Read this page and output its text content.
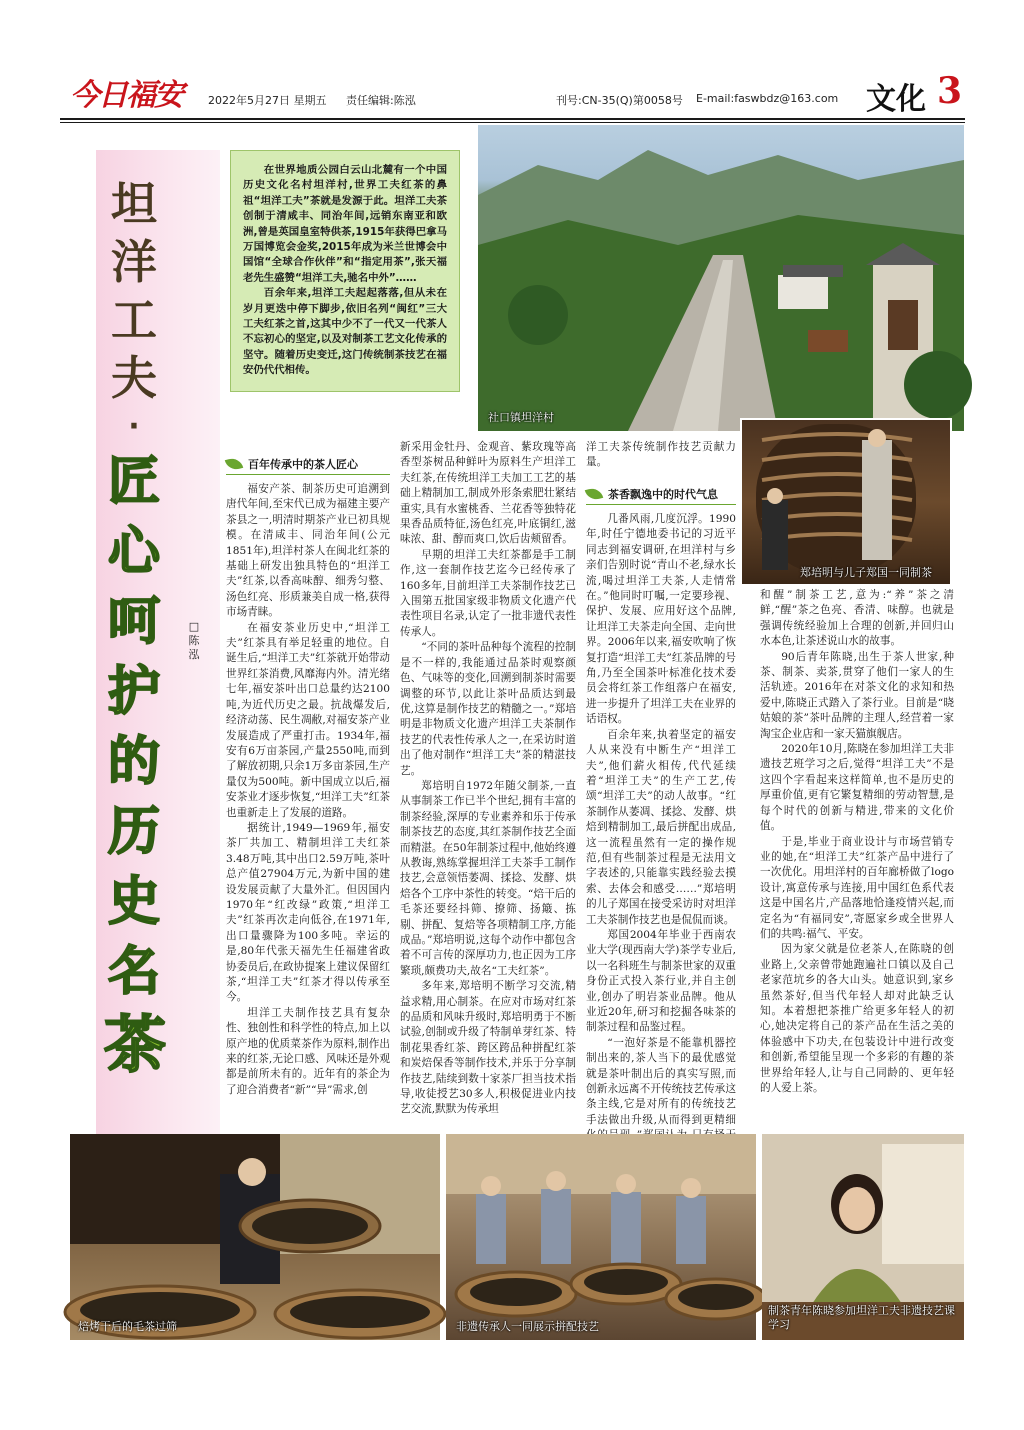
今日福安 2022年5月27日 星期五 责任编辑:陈泓	刊号:CN-35(Q)第0058号 E-mail:faswbdz@163.com 文化 3
坦洋工夫
·
匠心呵护的历史名
茶
□陈泓

在世界地质公园白云山北麓有一个中国历史文化名村坦洋村,世界工夫红茶的鼻祖“坦洋工夫”茶就是发源于此。坦洋工夫茶创制于清咸丰、同治年间,远销东南亚和欧洲,曾是英国皇室特供茶,1915年获得巴拿马万国博览会金奖,2015年成为米兰世博会中国馆“全球合作伙伴”和“指定用茶”,张天福老先生盛赞“坦洋工夫,驰名中外”……

百余年来,坦洋工夫起起落落,但从未在岁月更迭中停下脚步,依旧名列“闽红”三大工夫红茶之首,这其中少不了一代又一代茶人不忘初心的坚定,以及对制茶工艺文化传承的坚守。随着历史变迁,这门传统制茶技艺在福安仍代代相传。

社口镇坦洋村
郑培明与儿子郑国一同制茶
百年传承中的茶人匠心

福安产茶、制茶历史可追溯到唐代年间,至宋代已成为福建主要产茶县之一,明清时期茶产业已初具规模。在清咸丰、同治年间(公元1851年),坦洋村茶人在闽北红茶的基础上研发出独具特色的“坦洋工夫”红茶,以香高味醇、细秀匀整、汤色红亮、形质兼美自成一格,获得市场青睐。

在福安茶业历史中,“坦洋工夫”红茶具有举足轻重的地位。自诞生后,“坦洋工夫”红茶就开始带动世界红茶消费,风靡海内外。清光绪七年,福安茶叶出口总量约达2100吨,为近代历史之最。抗战爆发后,经济动荡、民生凋敝,对福安茶产业发展造成了严重打击。1934年,福安有6万亩茶园,产量2550吨,而到了解放初期,只余1万多亩茶园,生产量仅为500吨。新中国成立以后,福安茶业才逐步恢复,“坦洋工夫”红茶也重新走上了发展的道路。

据统计,1949—1969年,福安茶厂共加工、精制坦洋工夫红茶3.48万吨,其中出口2.59万吨,茶叶总产值27904万元,为新中国的建设发展贡献了大量外汇。但因国内1970年“红改绿”政策,“坦洋工夫”红茶再次走向低谷,在1971年,出口量骤降为100多吨。幸运的是,80年代张天福先生任福建省政协委员后,在政协提案上建议保留红茶,“坦洋工夫”红茶才得以传承至今。

坦洋工夫制作技艺具有复杂性、独创性和科学性的特点,加上以原产地的优质菜茶作为原料,制作出来的红茶,无论口感、风味还是外观都是前所未有的。近年有的茶企为了迎合消费者“新”“异”需求,创

新采用金牡丹、金观音、紫玫瑰等高香型茶树品种鲜叶为原料生产坦洋工夫红茶,在传统坦洋工夫加工工艺的基础上精制加工,制成外形条索肥壮紧结重实,具有水蜜桃香、兰花香等独特花果香品质特征,汤色红亮,叶底铜红,滋味浓、甜、醇而爽口,饮后齿颊留香。

早期的坦洋工夫红茶都是手工制作,这一套制作技艺迄今已经传承了160多年,目前坦洋工夫茶制作技艺已入围第五批国家级非物质文化遗产代表性项目名录,认定了一批非遗代表性传承人。

“不同的茶叶品种每个流程的控制是不一样的,我能通过品茶时观察颜色、气味等的变化,回溯到制茶时需要调整的环节,以此让茶叶品质达到最优,这算是制作技艺的精髓之一。”郑培明是非物质文化遗产坦洋工夫茶制作技艺的代表性传承人之一,在采访时道出了他对制作“坦洋工夫”茶的精湛技艺。

郑培明自1972年随父制茶,一直从事制茶工作已半个世纪,拥有丰富的制茶经验,深厚的专业素养和乐于传承制茶技艺的态度,其红茶制作技艺全面而精湛。在50年制茶过程中,他始终遵从教诲,熟练掌握坦洋工夫茶手工制作技艺,会意领悟萎凋、揉捻、发酵、烘焙各个工序中茶性的转变。“焙干后的毛茶还要经抖筛、撩筛、扬簸、拣剔、拼配、复焙等各项精制工序,方能成品。”郑培明说,这每个动作中都包含着不可言传的深厚功力,也正因为工序繁琐,颇费功夫,故名“工夫红茶”。

多年来,郑培明不断学习交流,精益求精,用心制茶。在应对市场对红茶的品质和风味升级时,郑培明勇于不断试验,创制或升级了特制单芽红茶、特制花果香红茶、跨区跨品种拼配红茶和炭焙保香等制作技术,并乐于分享制作技艺,陆续到数十家茶厂担当技术指导,收徒授艺30多人,积极促进业内技艺交流,默默为传承坦

洋工夫茶传统制作技艺贡献力量。

茶香飘逸中的时代气息

几番风雨,几度沉浮。1990年,时任宁德地委书记的习近平同志到福安调研,在坦洋村与乡亲们告别时说“青山不老,绿水长流,喝过坦洋工夫茶,人走情常在。”他同时叮嘱,一定要珍视、保护、发展、应用好这个品牌,让坦洋工夫茶走向全国、走向世界。2006年以来,福安吹响了恢复打造“坦洋工夫”红茶品牌的号角,乃至全国茶叶标准化技术委员会将红茶工作组落户在福安,进一步提升了坦洋工夫在业界的话语权。

百余年来,执着坚定的福安人从来没有中断生产“坦洋工夫”,他们薪火相传,代代延续着“坦洋工夫”的生产工艺,传颂“坦洋工夫”的动人故事。“红茶制作从萎凋、揉捻、发酵、烘焙到精制加工,最后拼配出成品,这一流程虽然有一定的操作规范,但有些制茶过程是无法用文字表述的,只能靠实践经验去摸索、去体会和感受……”郑培明的儿子郑国在接受采访时对坦洋工夫茶制作技艺也是侃侃而谈。

郑国2004年毕业于西南农业大学(现西南大学)茶学专业后,以一名科班生与制茶世家的双重身份正式投入茶行业,并自主创业,创办了明岩茶业品牌。他从业近20年,研习和挖掘各味茶的制茶过程和品鉴过程。

“一泡好茶是不能靠机器控制出来的,茶人当下的最优感觉就是茶叶制出后的真实写照,而创新永远离不开传统技艺传承这条主线,它是对所有的传统技艺手法做出升级,从而得到更精细

和醒”制茶工艺,意为:“养”茶之清鲜,“醒”茶之色亮、香清、味醇。也就是强调传统经验加上合理的创新,并回归山水本色,让茶述说山水的故事。

90后青年陈晓,出生于茶人世家,种茶、制茶、卖茶,贯穿了他们一家人的生活轨迹。2016年在对茶文化的求知和热爱中,陈晓正式踏入了茶行业。目前是“晓姑娘的茶”茶叶品牌的主理人,经营着一家淘宝企业店和一家天猫旗舰店。

2020年10月,陈晓在参加坦洋工夫非遗技艺班学习之后,觉得“坦洋工夫”不是这四个字看起来这样简单,也不是历史的厚重价值,更有它繁复精细的劳动智慧,是每个时代的创新与精进,带来的文化价值。

于是,毕业于商业设计与市场营销专业的她,在“坦洋工夫”红茶产品中进行了一次优化。用坦洋村的百年廊桥做了logo设计,寓意传承与连接,用中国红色系代表这是中国名片,产品落地恰逢疫情兴起,而定名为“有福同安”,寄愿家乡或全世界人们的共鸣:福气、平安。

因为家父就是位老茶人,在陈晓的创业路上,父亲曾带她跑遍社口镇以及自己老家范坑乡的各大山头。她意识到,家乡虽然茶好,但当代年轻人却对此缺乏认知。本着想把茶推广给更多年轻人的初心,她决定将自己的茶产品在生活之美的体验感中下功夫,在包装设计中进行改变和创新,希望能呈现一个多彩的有趣的茶世界给年轻人,让与自己同龄的、更年轻的人爱上茶。

焙烤干后的毛茶过筛	非遗传承人一同展示拼配技艺
制茶青年陈晓参加坦洋工夫非遗技艺课学习
